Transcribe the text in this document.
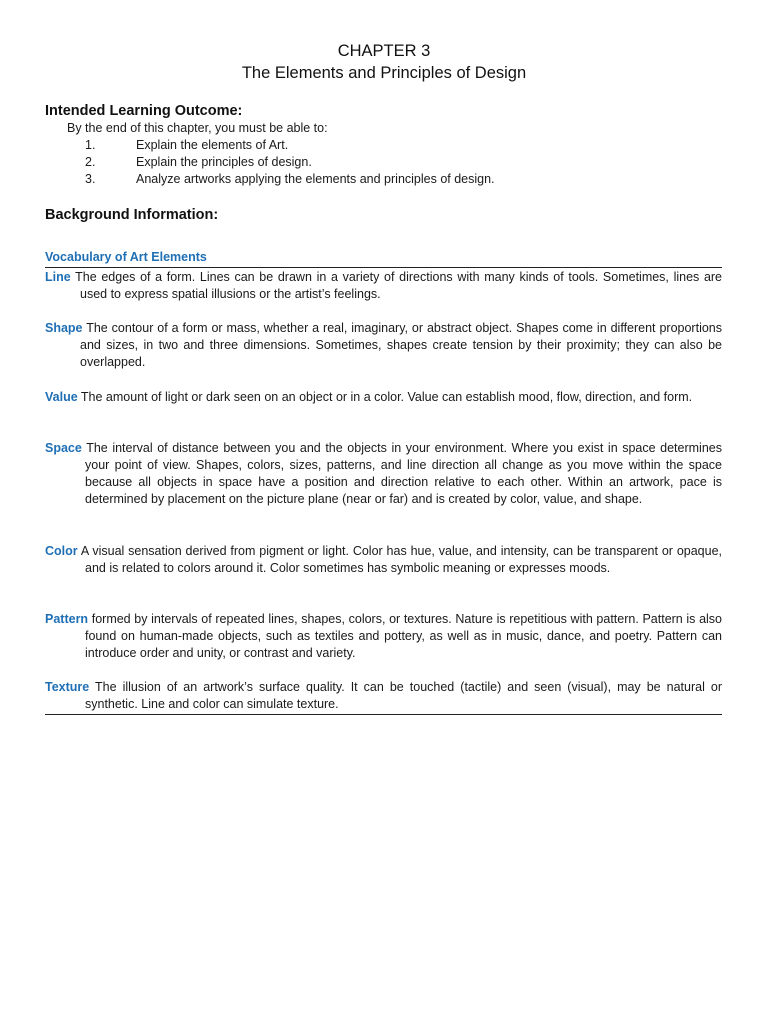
CHAPTER 3
The Elements and Principles of Design
Intended Learning Outcome:
By the end of this chapter, you must be able to:
1.	Explain the elements of Art.
2.	Explain the principles of design.
3.	Analyze artworks applying the elements and principles of design.
Background Information:
Vocabulary of Art Elements

Line The edges of a form. Lines can be drawn in a variety of directions with many kinds of tools. Sometimes, lines are used to express spatial illusions or the artist’s feelings.

Shape The contour of a form or mass, whether a real, imaginary, or abstract object. Shapes come in different proportions and sizes, in two and three dimensions. Sometimes, shapes create tension by their proximity; they can also be overlapped.

Value The amount of light or dark seen on an object or in a color. Value can establish mood, flow, direction, and form.

Space The interval of distance between you and the objects in your environment. Where you exist in space determines your point of view. Shapes, colors, sizes, patterns, and line direction all change as you move within the space because all objects in space have a position and direction relative to each other. Within an artwork, pace is determined by placement on the picture plane (near or far) and is created by color, value, and shape.

Color A visual sensation derived from pigment or light. Color has hue, value, and intensity, can be transparent or opaque, and is related to colors around it. Color sometimes has symbolic meaning or expresses moods.

Pattern formed by intervals of repeated lines, shapes, colors, or textures. Nature is repetitious with pattern. Pattern is also found on human-made objects, such as textiles and pottery, as well as in music, dance, and poetry. Pattern can introduce order and unity, or contrast and variety.

Texture The illusion of an artwork’s surface quality. It can be touched (tactile) and seen (visual), may be natural or synthetic. Line and color can simulate texture.
